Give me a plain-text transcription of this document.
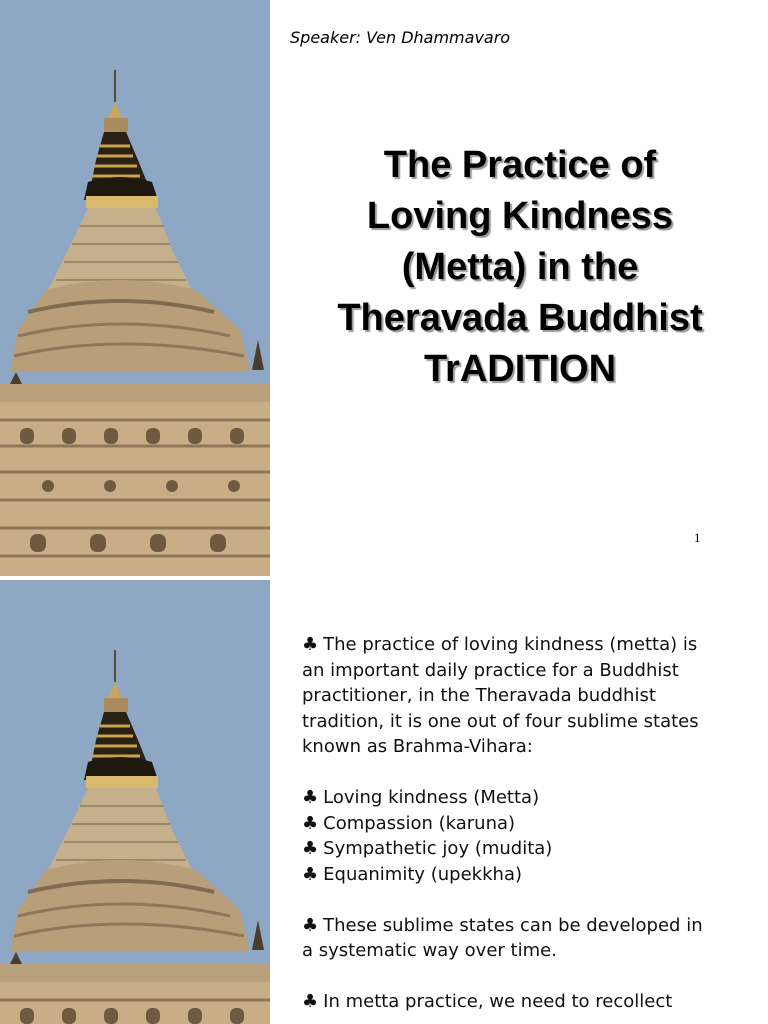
Speaker: Ven Dhammavaro
The Practice of
Loving Kindness
(Metta) in the
Theravada Buddhist
TrADITION
1

♣ The practice of loving kindness (metta) is
an important daily practice for a Buddhist
practitioner, in the Theravada buddhist
tradition, it is one out of four sublime states
known as Brahma-Vihara:

♣ Loving kindness (Metta)
♣ Compassion (karuna)
♣ Sympathetic joy (mudita)
♣ Equanimity (upekkha)

♣ These sublime states can be developed in
a systematic way over time.

♣ In metta practice, we need to recollect
